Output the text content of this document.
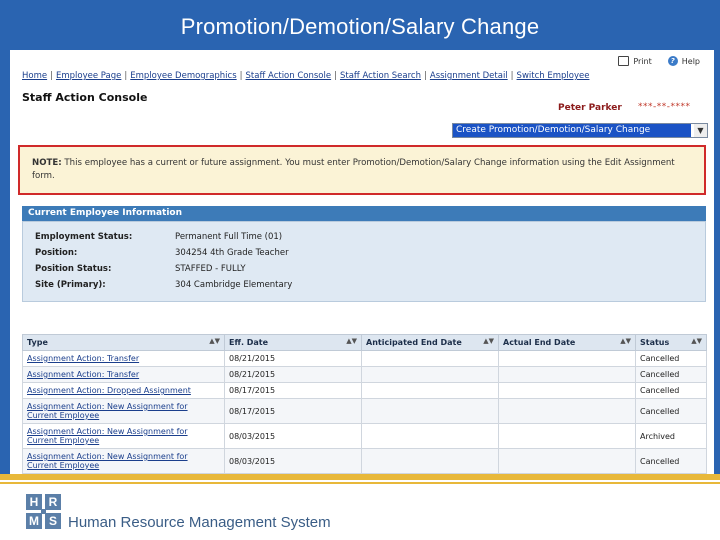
Promotion/Demotion/Salary Change
Print	? Help
Home | Employee Page | Employee Demographics | Staff Action Console | Staff Action Search | Assignment Detail | Switch Employee
Staff Action Console
Peter Parker ***-**-****
Create Promotion/Demotion/Salary Change	▼

NOTE: This employee has a current or future assignment. You must enter Promotion/Demotion/Salary Change information using the Edit Assignment form.

Current Employee Information
Employment Status:	Permanent Full Time (01)
Position:	304254 4th Grade Teacher
Position Status:	STAFFED - FULLY
Site (Primary):	304 Cambridge Elementary
Type ▲▼	Eff. Date ▲▼	Anticipated End Date ▲▼	Actual End Date ▲▼	Status ▲▼

Assignment Action: Transfer	08/21/2015			Cancelled
Assignment Action: Transfer	08/21/2015			Cancelled
Assignment Action: Dropped Assignment	08/17/2015			Cancelled
Assignment Action: New Assignment for Current Employee	08/17/2015			Cancelled
Assignment Action: New Assignment for Current Employee	08/03/2015			Archived
Assignment Action: New Assignment for Current Employee	08/03/2015			Cancelled
H R
M S Human Resource Management System
